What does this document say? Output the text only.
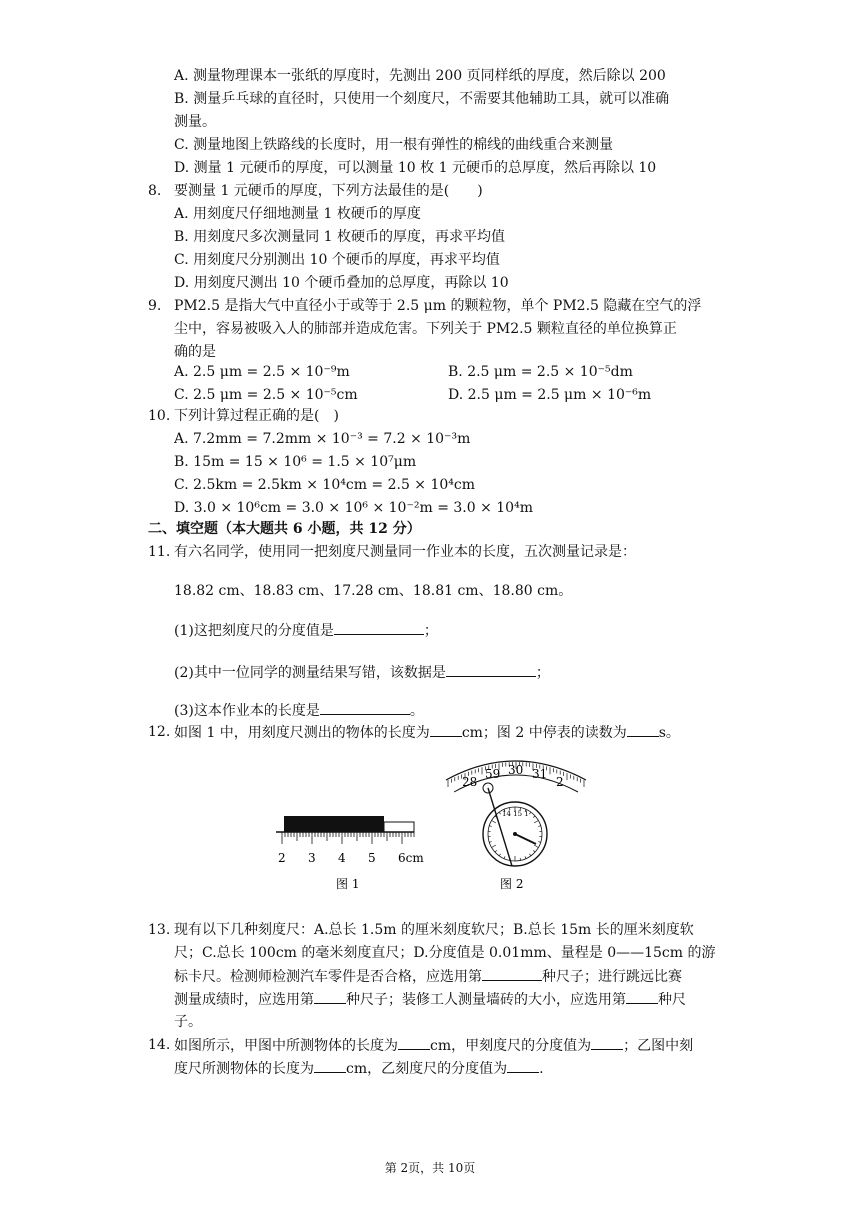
A. 测量物理课本一张纸的厚度时，先测出 200 页同样纸的厚度，然后除以 200
B. 测量乒乓球的直径时，只使用一个刻度尺，不需要其他辅助工具，就可以准确
测量。
C. 测量地图上铁路线的长度时，用一根有弹性的棉线的曲线重合来测量
D. 测量 1 元硬币的厚度，可以测量 10 枚 1 元硬币的总厚度，然后再除以 10
8. 要测量 1 元硬币的厚度，下列方法最佳的是(　　)
A. 用刻度尺仔细地测量 1 枚硬币的厚度
B. 用刻度尺多次测量同 1 枚硬币的厚度，再求平均值
C. 用刻度尺分别测出 10 个硬币的厚度，再求平均值
D. 用刻度尺测出 10 个硬币叠加的总厚度，再除以 10
9. PM2.5 是指大气中直径小于或等于 2.5 μm 的颗粒物，单个 PM2.5 隐藏在空气的浮
尘中，容易被吸入人的肺部并造成危害。下列关于 PM2.5 颗粒直径的单位换算正
确的是
A. 2.5 μm = 2.5 × 10⁻⁹m	B. 2.5 μm = 2.5 × 10⁻⁵dm
C. 2.5 μm = 2.5 × 10⁻⁵cm	D. 2.5 μm = 2.5 μm × 10⁻⁶m
10. 下列计算过程正确的是(　)
A. 7.2mm = 7.2mm × 10⁻³ = 7.2 × 10⁻³m
B. 15m = 15 × 10⁶ = 1.5 × 10⁷μm
C. 2.5km = 2.5km × 10⁴cm = 2.5 × 10⁴cm
D. 3.0 × 10⁶cm = 3.0 × 10⁶ × 10⁻²m = 3.0 × 10⁴m
二、填空题（本大题共 6 小题，共 12 分）
11. 有六名同学，使用同一把刻度尺测量同一作业本的长度，五次测量记录是：
18.82 cm、18.83 cm、17.28 cm、18.81 cm、18.80 cm。
(1)这把刻度尺的分度值是	；
(2)其中一位同学的测量结果写错，该数据是	；
(3)这本作业本的长度是	。
12. 如图 1 中，用刻度尺测出的物体的长度为 cm；图 2 中停表的读数为 s。
2 3 4 5 6cm
图 1
28
59 30 31
2
14 15 1
图 2
13. 现有以下几种刻度尺：A.总长 1.5m 的厘米刻度软尺；B.总长 15m 长的厘米刻度软
尺；C.总长 100cm 的毫米刻度直尺；D.分度值是 0.01mm、量程是 0——15cm 的游
标卡尺。检测师检测汽车零件是否合格，应选用第	种尺子；进行跳远比赛
测量成绩时，应选用第 种尺子；装修工人测量墙砖的大小，应选用第 种尺
子。
14. 如图所示，甲图中所测物体的长度为 cm，甲刻度尺的分度值为 ；乙图中刻
度尺所测物体的长度为 cm，乙刻度尺的分度值为 .
第 2页，共 10页
